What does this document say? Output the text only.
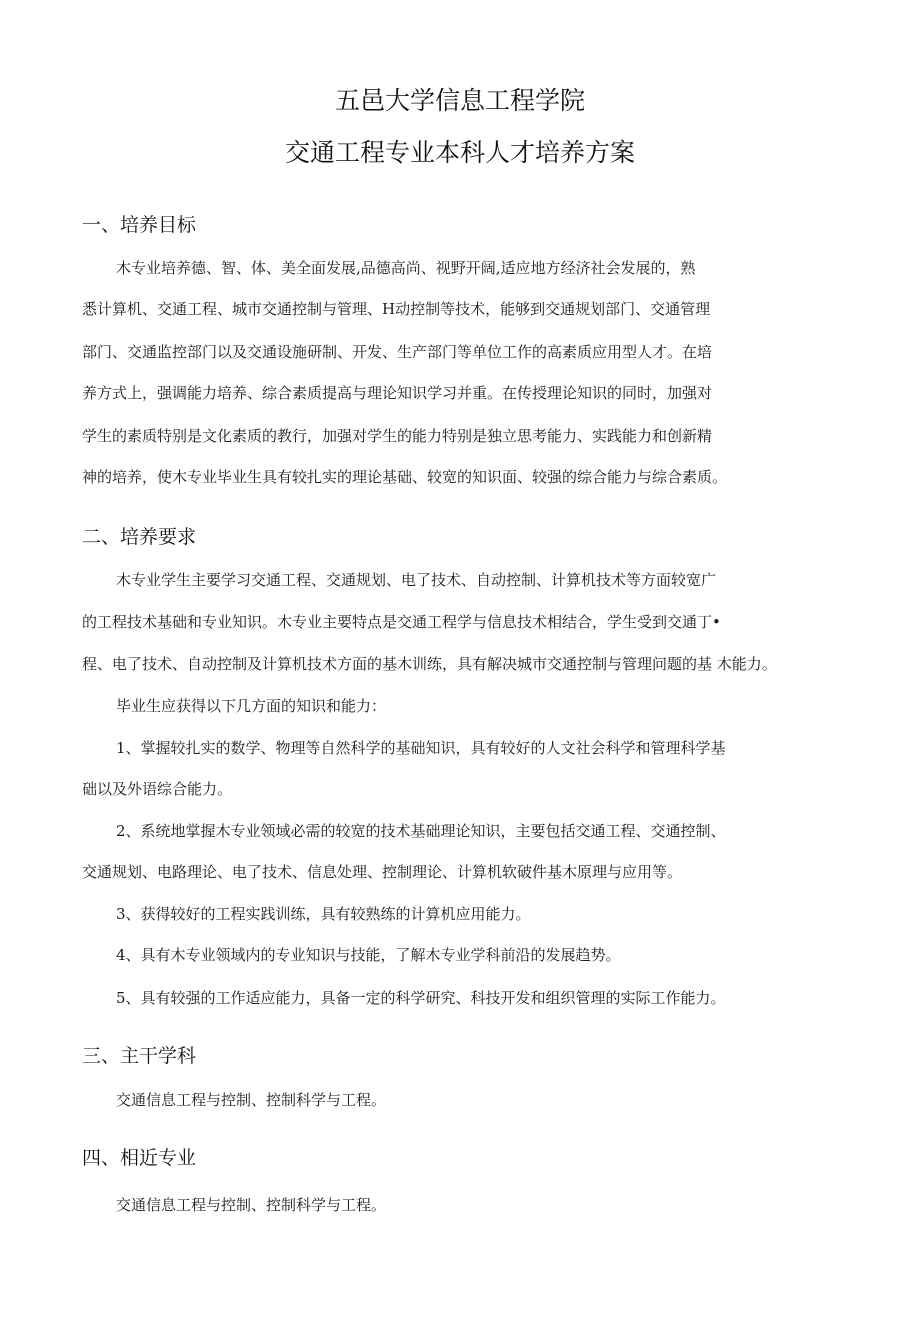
五邑大学信息工程学院
交通工程专业本科人才培养方案
一、培养目标
木专业培养德、智、体、美全面发展,品德高尚、视野开阔,适应地方经济社会发展的，熟
悉计算机、交通工程、城市交通控制与管理、H动控制等技术，能够到交通规划部门、交通管理
部门、交通监控部门以及交通设施研制、开发、生产部门等单位工作的高素质应用型人才。在培
养方式上，强调能力培养、综合素质提高与理论知识学习并重。在传授理论知识的同时，加强对
学生的素质特别是文化素质的教行，加强对学生的能力特别是独立思考能力、实践能力和创新精
神的培养，使木专业毕业生具有较扎实的理论基础、较宽的知识面、较强的综合能力与综合素质。
二、培养要求
木专业学生主要学习交通工程、交通规划、电了技术、自动控制、计算机技术等方面较宽广
的工程技术基础和专业知识。木专业主要特点是交通工程学与信息技术相结合，学生受到交通丁•
程、电了技术、自动控制及计算机技术方面的基木训练，具有解决城市交通控制与管理问题的基 木能力。
毕业生应获得以下几方面的知识和能力：
1、掌握较扎实的数学、物理等自然科学的基础知识，具有较好的人文社会科学和管理科学基
础以及外语综合能力。
2、系统地掌握木专业领域必需的较宽的技术基础理论知识，主要包括交通工程、交通控制、
交通规划、电路理论、电了技术、信息处理、控制理论、计算机软破件基木原理与应用等。
3、获得较好的工程实践训练，具有较熟练的计算机应用能力。
4、具有木专业领域内的专业知识与技能，了解木专业学科前沿的发展趋势。
5、具有较强的工作适应能力，具备一定的科学研究、科技开发和组织管理的实际工作能力。
三、主干学科
交通信息工程与控制、控制科学与工程。
四、相近专业
交通信息工程与控制、控制科学与工程。
